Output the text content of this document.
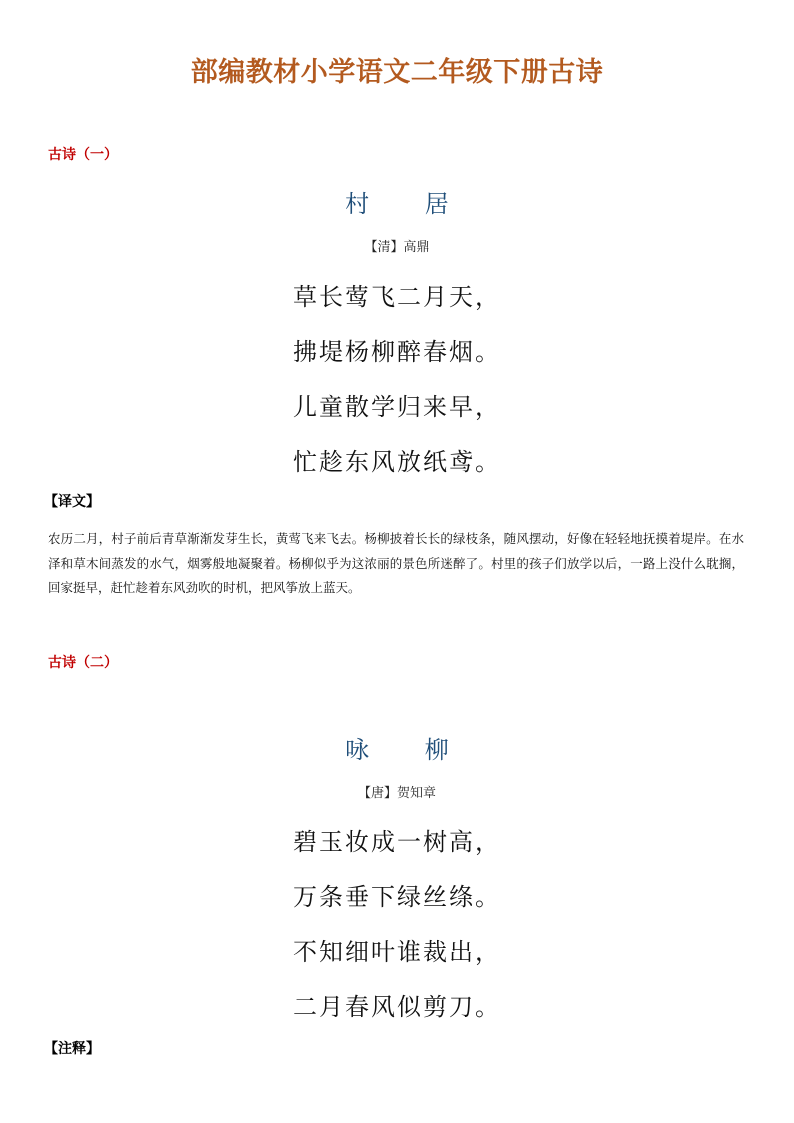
部编教材小学语文二年级下册古诗
古诗（一）
村 居
【清】高鼎
草长莺飞二月天，
拂堤杨柳醉春烟。
儿童散学归来早，
忙趁东风放纸鸢。
【译文】
农历二月，村子前后青草渐渐发芽生长，黄莺飞来飞去。杨柳披着长长的绿枝条，随风摆动，好像在轻轻地抚摸着堤岸。在水泽和草木间蒸发的水气，烟雾般地凝聚着。杨柳似乎为这浓丽的景色所迷醉了。村里的孩子们放学以后，一路上没什么耽搁，回家挺早，赶忙趁着东风劲吹的时机，把风筝放上蓝天。
古诗（二）
咏 柳
【唐】贺知章
碧玉妆成一树高，
万条垂下绿丝绦。
不知细叶谁裁出，
二月春风似剪刀。
【注释】
